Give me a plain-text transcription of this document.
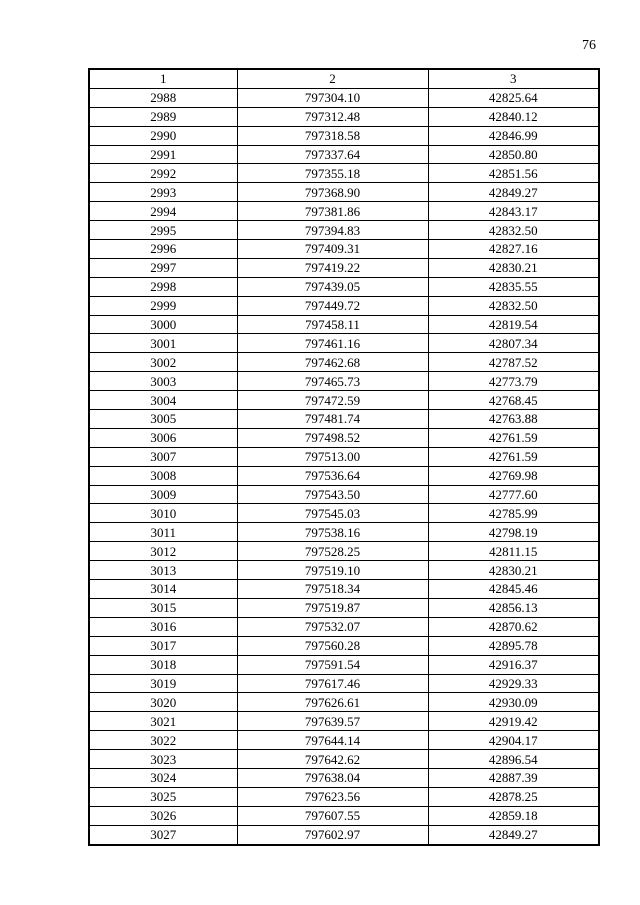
76
1	2	3
2988	797304.10	42825.64
2989	797312.48	42840.12
2990	797318.58	42846.99
2991	797337.64	42850.80
2992	797355.18	42851.56
2993	797368.90	42849.27
2994	797381.86	42843.17
2995	797394.83	42832.50
2996	797409.31	42827.16
2997	797419.22	42830.21
2998	797439.05	42835.55
2999	797449.72	42832.50
3000	797458.11	42819.54
3001	797461.16	42807.34
3002	797462.68	42787.52
3003	797465.73	42773.79
3004	797472.59	42768.45
3005	797481.74	42763.88
3006	797498.52	42761.59
3007	797513.00	42761.59
3008	797536.64	42769.98
3009	797543.50	42777.60
3010	797545.03	42785.99
3011	797538.16	42798.19
3012	797528.25	42811.15
3013	797519.10	42830.21
3014	797518.34	42845.46
3015	797519.87	42856.13
3016	797532.07	42870.62
3017	797560.28	42895.78
3018	797591.54	42916.37
3019	797617.46	42929.33
3020	797626.61	42930.09
3021	797639.57	42919.42
3022	797644.14	42904.17
3023	797642.62	42896.54
3024	797638.04	42887.39
3025	797623.56	42878.25
3026	797607.55	42859.18
3027	797602.97	42849.27
